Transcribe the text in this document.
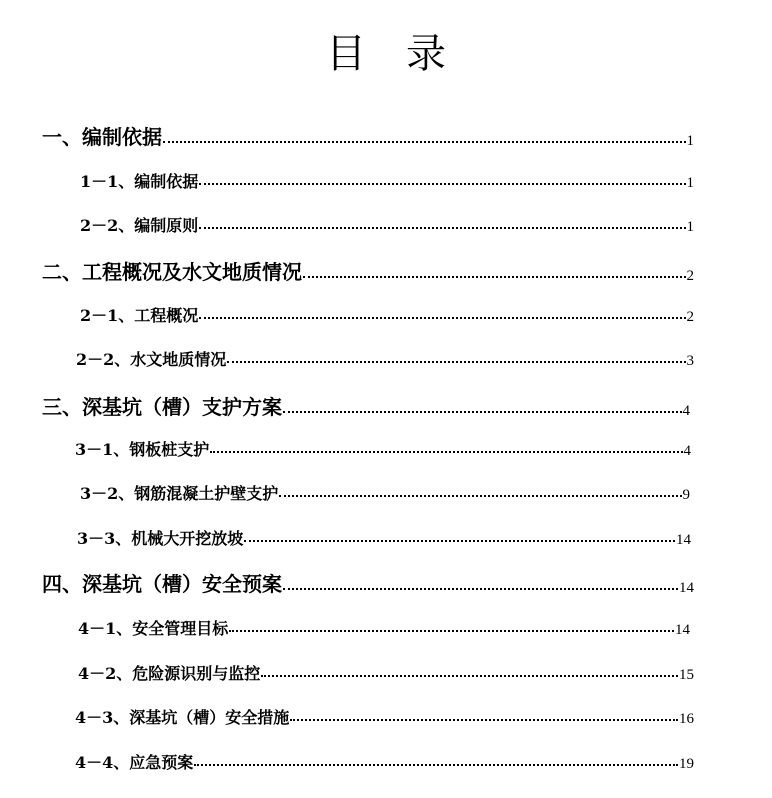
目录
一、编制依据	1
1－1、编制依据	1
2－2、编制原则	1
二、工程概况及水文地质情况	2
2－1、工程概况	2
2－2、水文地质情况	3
三、深基坑（槽）支护方案	4
3－1、钢板桩支护	4
3－2、钢筋混凝土护壁支护	9
3－3、机械大开挖放坡	14
四、深基坑（槽）安全预案	14
4－1、安全管理目标	14
4－2、危险源识别与监控	15
4－3、深基坑（槽）安全措施	16
4－4、应急预案	19
